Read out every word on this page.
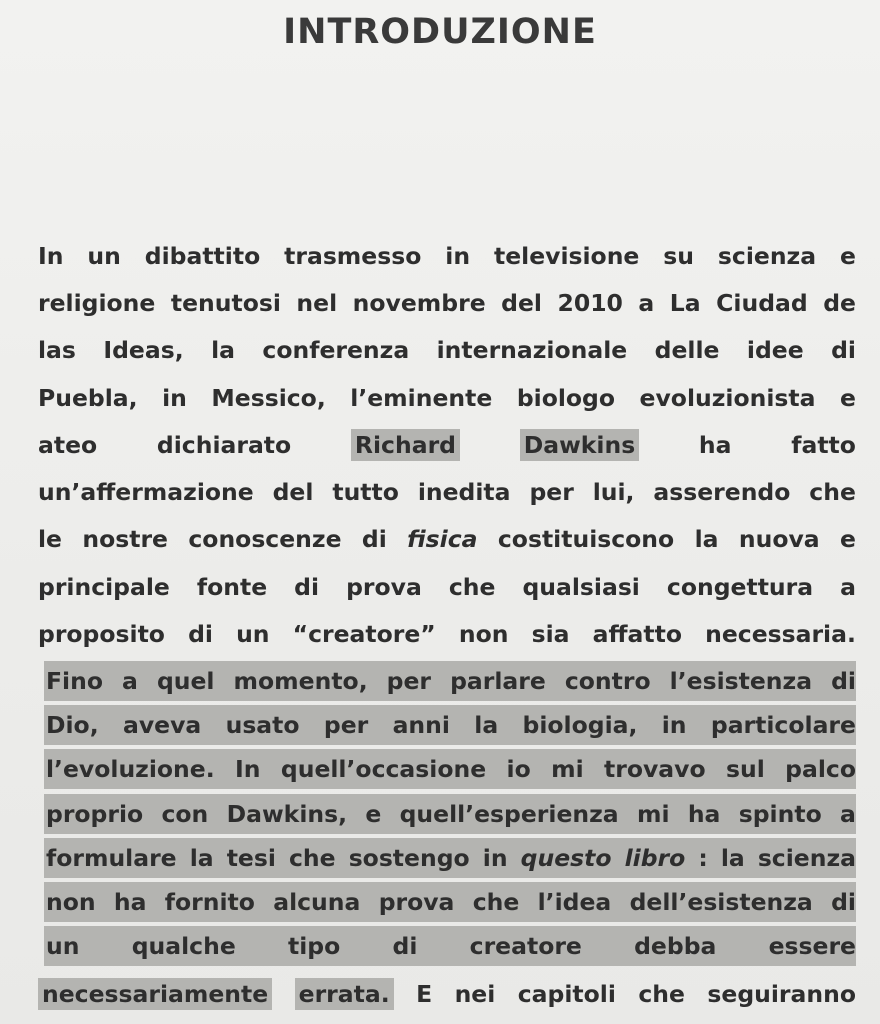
INTRODUZIONE
In un dibattito trasmesso in televisione su scienza e
religione tenutosi nel novembre del 2010 a La Ciudad de
las Ideas, la conferenza internazionale delle idee di
Puebla, in Messico, l’eminente biologo evoluzionista e
ateo	dichiarato	Richard	Dawkins	ha	fatto
un’affermazione del tutto inedita per lui, asserendo che
le nostre conoscenze di fisica costituiscono la nuova e
principale fonte di prova che qualsiasi congettura a
proposito di un “creatore” non sia affatto necessaria.
Fino a quel momento, per parlare contro l’esistenza di
Dio, aveva usato per anni la biologia, in particolare
l’evoluzione. In quell’occasione io mi trovavo sul palco
proprio con Dawkins, e quell’esperienza mi ha spinto a
formulare la tesi che sostengo in questo libro : la scienza
non ha fornito alcuna prova che l’idea dell’esistenza di
un qualche tipo di creatore debba essere
necessariamente errata. E nei capitoli che seguiranno
